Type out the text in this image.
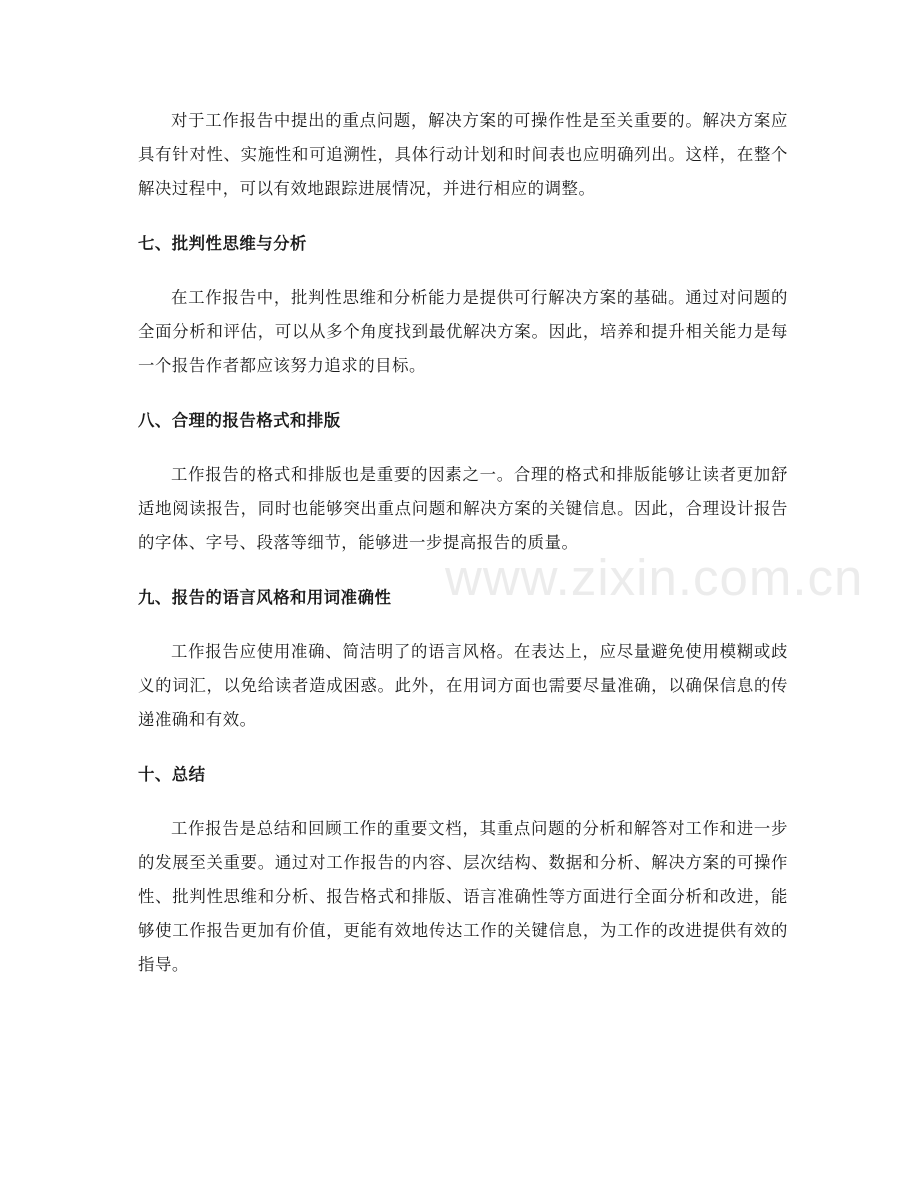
对于工作报告中提出的重点问题，解决方案的可操作性是至关重要的。解决方案应具有针对性、实施性和可追溯性，具体行动计划和时间表也应明确列出。这样，在整个解决过程中，可以有效地跟踪进展情况，并进行相应的调整。

七、批判性思维与分析

在工作报告中，批判性思维和分析能力是提供可行解决方案的基础。通过对问题的全面分析和评估，可以从多个角度找到最优解决方案。因此，培养和提升相关能力是每一个报告作者都应该努力追求的目标。

八、合理的报告格式和排版

工作报告的格式和排版也是重要的因素之一。合理的格式和排版能够让读者更加舒适地阅读报告，同时也能够突出重点问题和解决方案的关键信息。因此，合理设计报告的字体、字号、段落等细节，能够进一步提高报告的质量。

九、报告的语言风格和用词准确性

工作报告应使用准确、简洁明了的语言风格。在表达上，应尽量避免使用模糊或歧义的词汇，以免给读者造成困惑。此外，在用词方面也需要尽量准确，以确保信息的传递准确和有效。

十、总结

工作报告是总结和回顾工作的重要文档，其重点问题的分析和解答对工作和进一步的发展至关重要。通过对工作报告的内容、层次结构、数据和分析、解决方案的可操作性、批判性思维和分析、报告格式和排版、语言准确性等方面进行全面分析和改进，能够使工作报告更加有价值，更能有效地传达工作的关键信息，为工作的改进提供有效的指导。

www.zixin.com.cn
